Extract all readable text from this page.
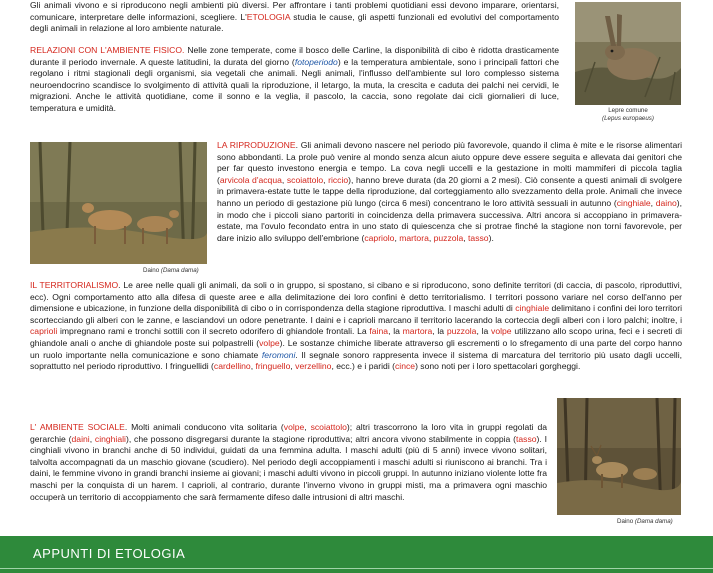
Gli animali vivono e si riproducono negli ambienti più diversi. Per affrontare i tanti problemi quotidiani essi devono imparare, orientarsi, comunicare, interpretare delle informazioni, scegliere. L'ETOLOGIA studia le cause, gli aspetti funzionali ed evolutivi del comportamento degli animali in relazione al loro ambiente naturale.

RELAZIONI CON L'AMBIENTE FISICO. Nelle zone temperate, come il bosco delle Carline, la disponibilità di cibo è ridotta drasticamente durante il periodo invernale. A queste latitudini, la durata del giorno (fotoperiodo) e la temperatura ambientale, sono i principali fattori che regolano i ritmi stagionali degli organismi, sia vegetali che animali. Negli animali, l'influsso dell'ambiente sul loro complesso sistema neuroendocrino scandisce lo svolgimento di attività quali la riproduzione, il letargo, la muta, la crescita e caduta dei palchi nei cervidi, le migrazioni. Anche le attività quotidiane, come il sonno e la veglia, il pascolo, la caccia, sono regolate dai cicli giornalieri di luce, temperatura e umidità.	Lepre comune
(Lepus europaeus)
Daino (Dama dama)

LA RIPRODUZIONE. Gli animali devono nascere nel periodo più favorevole, quando il clima è mite e le risorse alimentari sono abbondanti. La prole può venire al mondo senza alcun aiuto oppure deve essere seguita e allevata dai genitori che per far questo investono energia e tempo. La cova negli uccelli e la gestazione in molti mammiferi di piccola taglia (arvicola d'acqua, scoiattolo, riccio), hanno breve durata (da 20 giorni a 2 mesi). Ciò consente a questi animali di svolgere in primavera-estate tutte le tappe della riproduzione, dal corteggiamento allo svezzamento della prole. Animali che invece hanno un periodo di gestazione più lungo (circa 6 mesi) concentrano le loro attività sessuali in autunno (cinghiale, daino), in modo che i piccoli siano partoriti in coincidenza della primavera successiva. Altri ancora si accoppiano in primavera-estate, ma l'ovulo fecondato entra in uno stato di quiescenza che si protrae finché la stagione non torni favorevole, per dare inizio allo sviluppo dell'embrione (capriolo, martora, puzzola, tasso).

IL TERRITORIALISMO. Le aree nelle quali gli animali, da soli o in gruppo, si spostano, si cibano e si riproducono, sono definite territori (di caccia, di pascolo, riproduttivi, ecc). Ogni comportamento atto alla difesa di queste aree e alla delimitazione dei loro confini è detto territorialismo. I territori possono variare nel corso dell'anno per dimensione e ubicazione, in funzione della disponibilità di cibo o in corrispondenza della stagione riproduttiva. I maschi adulti di cinghiale delimitano i confini dei loro territori scortecciando gli alberi con le zanne, e lasciandovi un odore penetrante. I daini e i caprioli marcano il territorio lacerando la corteccia degli alberi con i loro palchi; inoltre, i caprioli impregnano rami e tronchi sottili con il secreto odorifero di ghiandole frontali. La faina, la martora, la puzzola, la volpe utilizzano allo scopo urina, feci e i secreti di ghiandole anali o anche di ghiandole poste sui polpastrelli (volpe). Le sostanze chimiche liberate attraverso gli escrementi o lo sfregamento di una parte del corpo hanno un ruolo importante nella comunicazione e sono chiamate feromoni. Il segnale sonoro rappresenta invece il sistema di marcatura del territorio più usato dagli uccelli, soprattutto nel periodo riproduttivo. I fringuellidi (cardellino, fringuello, verzellino, ecc.) e i paridi (cince) sono noti per i loro spettacolari gorgheggi.

L' AMBIENTE SOCIALE. Molti animali conducono vita solitaria (volpe, scoiattolo); altri trascorrono la loro vita in gruppi regolati da gerarchie (daini, cinghiali), che possono disgregarsi durante la stagione riproduttiva; altri ancora vivono stabilmente in coppia (tasso). I cinghiali vivono in branchi anche di 50 individui, guidati da una femmina adulta. I maschi adulti (più di 5 anni) invece vivono solitari, talvolta accompagnati da un maschio giovane (scudiero). Nel periodo degli accoppiamenti i maschi adulti si riuniscono ai branchi. Tra i daini, le femmine vivono in grandi branchi insieme ai giovani; i maschi adulti vivono in piccoli gruppi. In autunno iniziano violente lotte fra maschi per la conquista di un harem. I caprioli, al contrario, durante l'inverno vivono in gruppi misti, ma a primavera ogni maschio occuperà un territorio di accoppiamento che sarà fermamente difeso dalle intrusioni di altri maschi.

Daino (Dama dama)
APPUNTI DI ETOLOGIA
